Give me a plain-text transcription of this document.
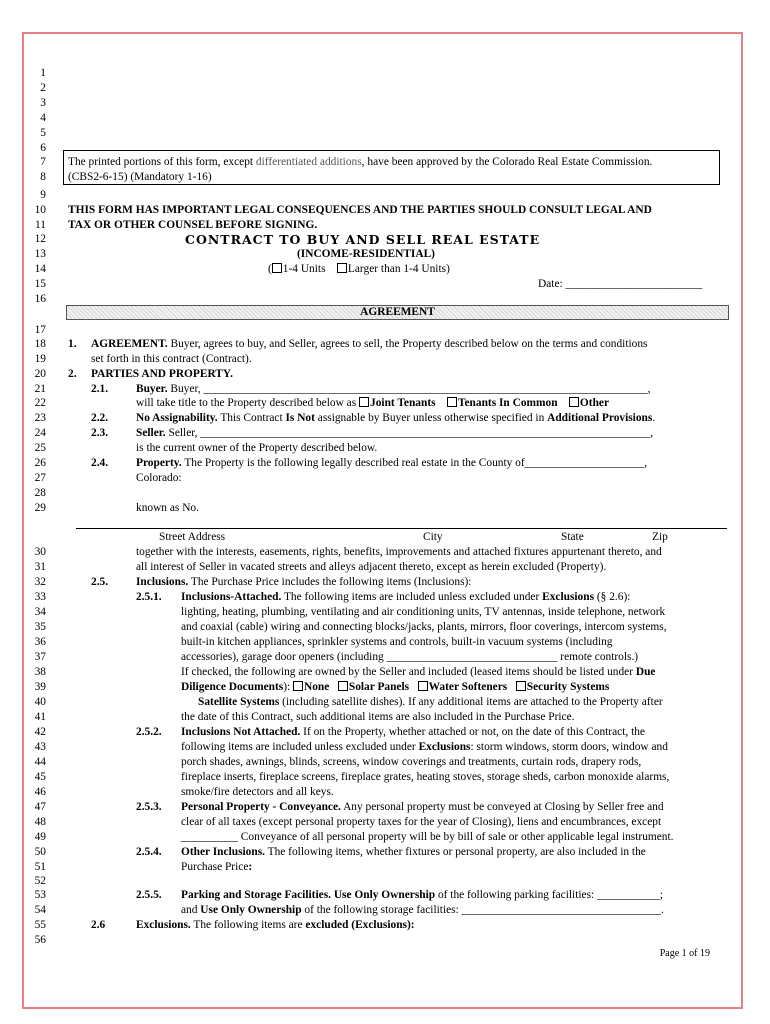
1
2
3
4
5
6
7
8
9
10
11
12
13
14
15
16
17
18
19
20
21
22
23
24
25
26
27
28
29
30
31
32
33
34
35
36
37
38
39
40
41
42
43
44
45
46
47
48
49
50
51
52
53
54
55
56
The printed portions of this form, except differentiated additions, have been approved by the Colorado Real Estate Commission.
(CBS2-6-15) (Mandatory 1-16)
THIS FORM HAS IMPORTANT LEGAL CONSEQUENCES AND THE PARTIES SHOULD CONSULT LEGAL AND
TAX OR OTHER COUNSEL BEFORE SIGNING.
CONTRACT TO BUY AND SELL REAL ESTATE
(INCOME-RESIDENTIAL)
( 1-4 Units Larger than 1-4 Units)
Date: ________________________
AGREEMENT
1. AGREEMENT. Buyer, agrees to buy, and Seller, agrees to sell, the Property described below on the terms and conditions
set forth in this contract (Contract).
2. PARTIES AND PROPERTY.
2.1. Buyer. Buyer, ______________________________________________________________________________,
will take title to the Property described below as Joint Tenants Tenants In Common Other
2.2. No Assignability. This Contract Is Not assignable by Buyer unless otherwise specified in Additional Provisions.
2.3. Seller. Seller, _______________________________________________________________________________,
is the current owner of the Property described below.
2.4. Property. The Property is the following legally described real estate in the County of_____________________,
Colorado:
known as No.
Street Address	City	State	Zip
together with the interests, easements, rights, benefits, improvements and attached fixtures appurtenant thereto, and
all interest of Seller in vacated streets and alleys adjacent thereto, except as herein excluded (Property).
2.5. Inclusions. The Purchase Price includes the following items (Inclusions):
2.5.1. Inclusions-Attached. The following items are included unless excluded under Exclusions (§ 2.6):
lighting, heating, plumbing, ventilating and air conditioning units, TV antennas, inside telephone, network
and coaxial (cable) wiring and connecting blocks/jacks, plants, mirrors, floor coverings, intercom systems,
built-in kitchen appliances, sprinkler systems and controls, built-in vacuum systems (including
accessories), garage door openers (including ______________________________ remote controls.)
If checked, the following are owned by the Seller and included (leased items should be listed under Due
Diligence Documents): None Solar Panels Water Softeners Security Systems
Satellite Systems (including satellite dishes). If any additional items are attached to the Property after
the date of this Contract, such additional items are also included in the Purchase Price.
2.5.2. Inclusions Not Attached. If on the Property, whether attached or not, on the date of this Contract, the
following items are included unless excluded under Exclusions: storm windows, storm doors, window and
porch shades, awnings, blinds, screens, window coverings and treatments, curtain rods, drapery rods,
fireplace inserts, fireplace screens, fireplace grates, heating stoves, storage sheds, carbon monoxide alarms,
smoke/fire detectors and all keys.
2.5.3. Personal Property - Conveyance. Any personal property must be conveyed at Closing by Seller free and
clear of all taxes (except personal property taxes for the year of Closing), liens and encumbrances, except
__________ Conveyance of all personal property will be by bill of sale or other applicable legal instrument.
2.5.4. Other Inclusions. The following items, whether fixtures or personal property, are also included in the
Purchase Price:
2.5.5. Parking and Storage Facilities. Use Only Ownership of the following parking facilities: ___________;
and Use Only Ownership of the following storage facilities: ___________________________________.
2.6	Exclusions. The following items are excluded (Exclusions):
Page 1 of 19
